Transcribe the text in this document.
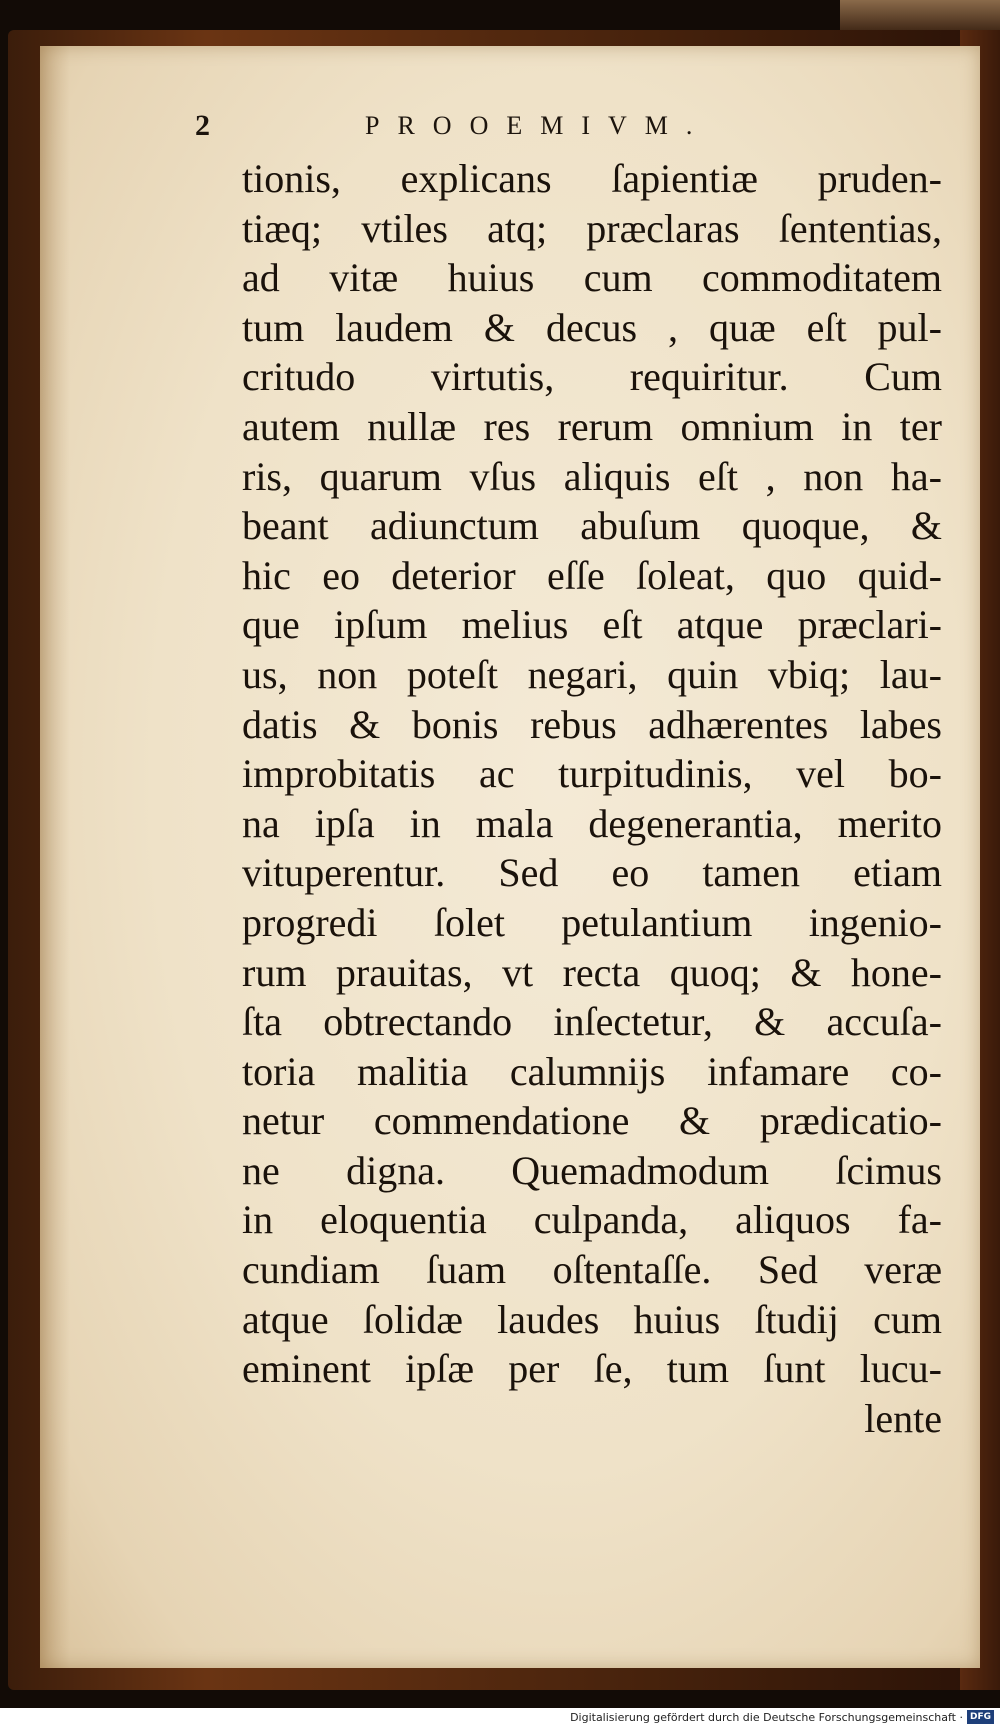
2	PROOEMIVM.
tionis, explicans ſapientiæ pruden-
tiæq; vtiles atq; præclaras ſententias,
ad vitæ huius cum commoditatem
tum laudem & decus , quæ eſt pul-
critudo virtutis, requiritur. Cum
autem nullæ res rerum omnium in ter
ris, quarum vſus aliquis eſt , non ha-
beant adiunctum abuſum quoque, &
hic eo deterior eſſe ſoleat, quo quid-
que ipſum melius eſt atque præclari-
us, non poteſt negari, quin vbiq; lau-
datis & bonis rebus adhærentes labes
improbitatis ac turpitudinis, vel bo-
na ipſa in mala degenerantia, merito
vituperentur. Sed eo tamen etiam
progredi ſolet petulantium ingenio-
rum prauitas, vt recta quoq; & hone-
ſta obtrectando inſectetur, & accuſa-
toria malitia calumnijs infamare co-
netur commendatione & prædicatio-
ne digna. Quemadmodum ſcimus
in eloquentia culpanda, aliquos fa-
cundiam ſuam oſtentaſſe. Sed veræ
atque ſolidæ laudes huius ſtudij cum
eminent ipſæ per ſe, tum ſunt lucu-
lente
Digitalisierung gefördert durch die Deutsche Forschungsgemeinschaft · DFG
